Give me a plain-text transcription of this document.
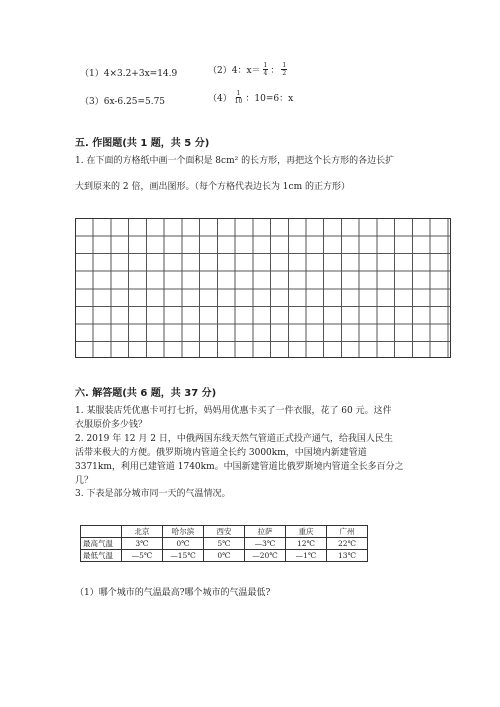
（1）4×3.2+3x=14.9	（2）4：$x= \frac{1}{4}$ ： $\frac{1}{2}$
（3）6x-6.25=5.75	$(4) \frac{1}{10}$ ：10=6：x
五. 作图题(共 1 题，共 5 分)
1. 在下面的方格纸中画一个面积是 8cm² 的长方形，再把这个长方形的各边长扩
大到原来的 2 倍，画出图形。（每个方格代表边长为 1cm 的正方形）
六. 解答题(共 6 题，共 37 分)
1. 某服装店凭优惠卡可打七折，妈妈用优惠卡买了一件衣服，花了 60 元。这件
衣服原价多少钱？
2. 2019 年 12 月 2 日，中俄两国东线天然气管道正式投产通气，给我国人民生
活带来极大的方便。俄罗斯境内管道全长约 3000km，中国境内新建管道
3371km，利用已建管道 1740km。中国新建管道比俄罗斯境内管道全长多百分之
几？
3. 下表是部分城市同一天的气温情况。
	北京	哈尔滨	西安	拉萨	重庆	广州
最高气温	3℃	0℃	5℃	—3℃	12℃	22℃
最低气温	—5℃	—15℃	0℃	—20℃	—1℃	13℃
（1）哪个城市的气温最高?哪个城市的气温最低?
